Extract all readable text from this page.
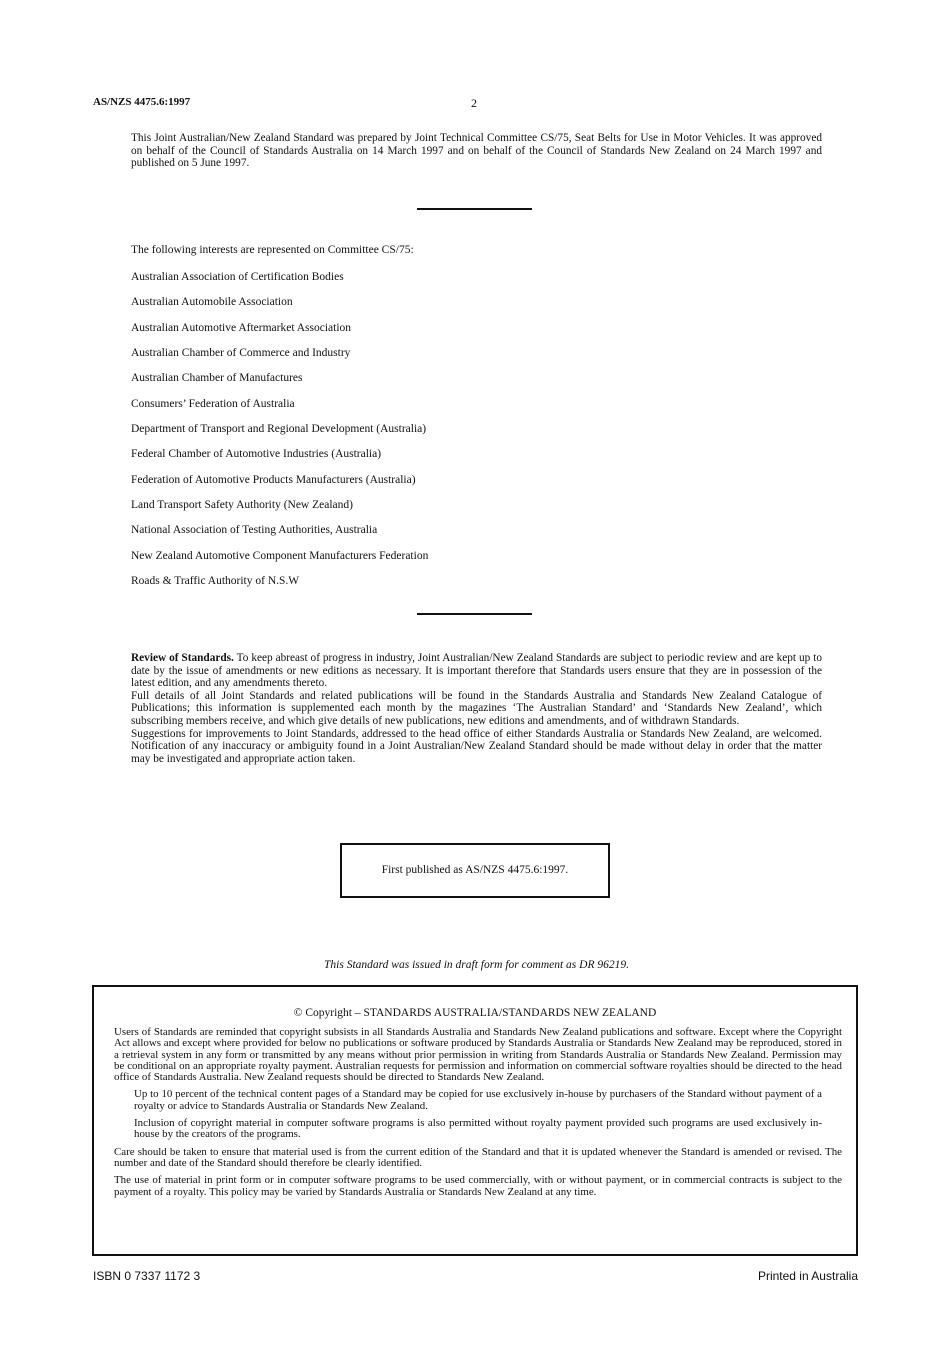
AS/NZS 4475.6:1997	2
This Joint Australian/New Zealand Standard was prepared by Joint Technical Committee CS/75, Seat Belts for Use in Motor Vehicles. It was approved on behalf of the Council of Standards Australia on 14 March 1997 and on behalf of the Council of Standards New Zealand on 24 March 1997 and published on 5 June 1997.
The following interests are represented on Committee CS/75:
Australian Association of Certification Bodies
Australian Automobile Association
Australian Automotive Aftermarket Association
Australian Chamber of Commerce and Industry
Australian Chamber of Manufactures
Consumers’ Federation of Australia
Department of Transport and Regional Development (Australia)
Federal Chamber of Automotive Industries (Australia)
Federation of Automotive Products Manufacturers (Australia)
Land Transport Safety Authority (New Zealand)
National Association of Testing Authorities, Australia
New Zealand Automotive Component Manufacturers Federation
Roads & Traffic Authority of N.S.W

Review of Standards. To keep abreast of progress in industry, Joint Australian/New Zealand Standards are subject to periodic review and are kept up to date by the issue of amendments or new editions as necessary. It is important therefore that Standards users ensure that they are in possession of the latest edition, and any amendments thereto.

Full details of all Joint Standards and related publications will be found in the Standards Australia and Standards New Zealand Catalogue of Publications; this information is supplemented each month by the magazines ‘The Australian Standard’ and ‘Standards New Zealand’, which subscribing members receive, and which give details of new publications, new editions and amendments, and of withdrawn Standards.

Suggestions for improvements to Joint Standards, addressed to the head office of either Standards Australia or Standards New Zealand, are welcomed. Notification of any inaccuracy or ambiguity found in a Joint Australian/New Zealand Standard should be made without delay in order that the matter may be investigated and appropriate action taken.

First published as AS/NZS 4475.6:1997.
This Standard was issued in draft form for comment as DR 96219.
© Copyright – STANDARDS AUSTRALIA/STANDARDS NEW ZEALAND

Users of Standards are reminded that copyright subsists in all Standards Australia and Standards New Zealand publications and software. Except where the Copyright Act allows and except where provided for below no publications or software produced by Standards Australia or Standards New Zealand may be reproduced, stored in a retrieval system in any form or transmitted by any means without prior permission in writing from Standards Australia or Standards New Zealand. Permission may be conditional on an appropriate royalty payment. Australian requests for permission and information on commercial software royalties should be directed to the head office of Standards Australia. New Zealand requests should be directed to Standards New Zealand.

Up to 10 percent of the technical content pages of a Standard may be copied for use exclusively in-house by purchasers of the Standard without payment of a royalty or advice to Standards Australia or Standards New Zealand.

Inclusion of copyright material in computer software programs is also permitted without royalty payment provided such programs are used exclusively in-house by the creators of the programs.

Care should be taken to ensure that material used is from the current edition of the Standard and that it is updated whenever the Standard is amended or revised. The number and date of the Standard should therefore be clearly identified.

The use of material in print form or in computer software programs to be used commercially, with or without payment, or in commercial contracts is subject to the payment of a royalty. This policy may be varied by Standards Australia or Standards New Zealand at any time.

ISBN 0 7337 1172 3	Printed in Australia
